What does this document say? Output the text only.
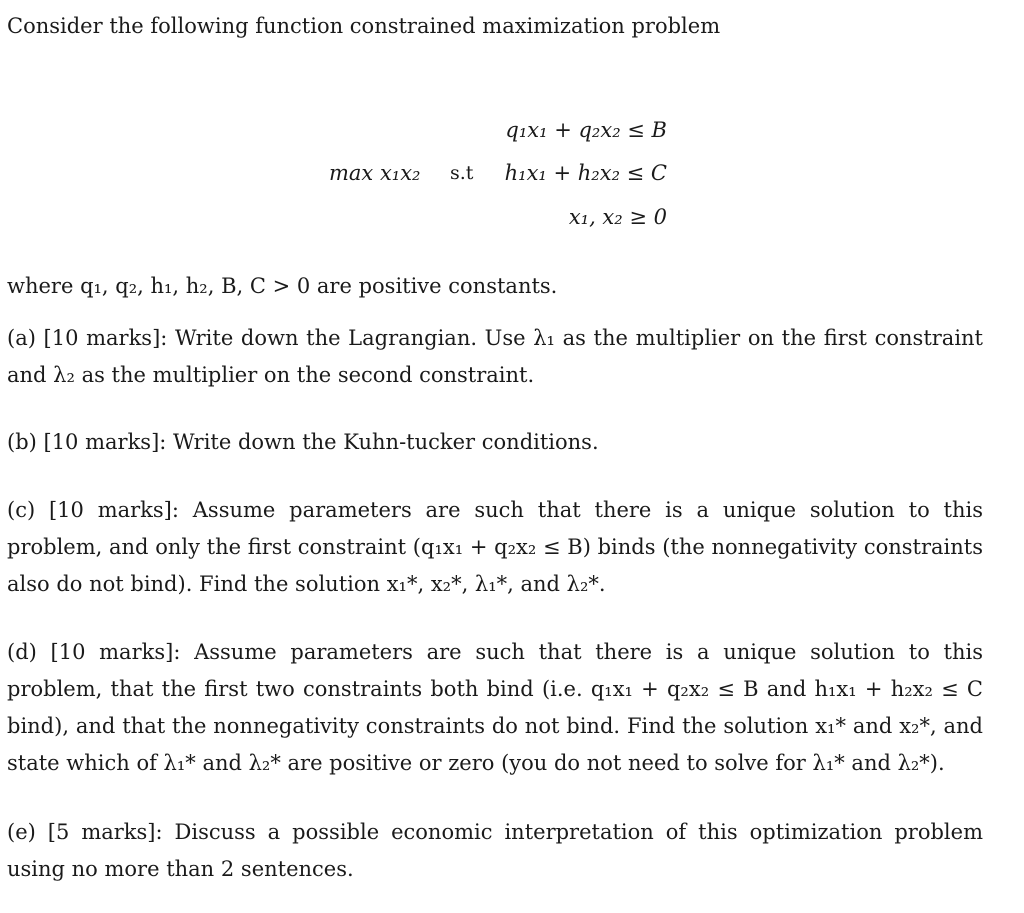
Consider the following function constrained maximization problem
max x₁x₂ s.t
q₁x₁ + q₂x₂ ≤ B
h₁x₁ + h₂x₂ ≤ C
x₁, x₂ ≥ 0
where q₁, q₂, h₁, h₂, B, C > 0 are positive constants.
(a) [10 marks]: Write down the Lagrangian. Use λ₁ as the multiplier on the first constraint and λ₂ as the multiplier on the second constraint.
(b) [10 marks]: Write down the Kuhn-tucker conditions.
(c) [10 marks]: Assume parameters are such that there is a unique solution to this problem, and only the first constraint (q₁x₁ + q₂x₂ ≤ B) binds (the nonnegativity constraints also do not bind). Find the solution x₁*, x₂*, λ₁*, and λ₂*.
(d) [10 marks]: Assume parameters are such that there is a unique solution to this problem, that the first two constraints both bind (i.e. q₁x₁ + q₂x₂ ≤ B and h₁x₁ + h₂x₂ ≤ C bind), and that the nonnegativity constraints do not bind. Find the solution x₁* and x₂*, and state which of λ₁* and λ₂* are positive or zero (you do not need to solve for λ₁* and λ₂*).
(e) [5 marks]: Discuss a possible economic interpretation of this optimization problem using no more than 2 sentences.
